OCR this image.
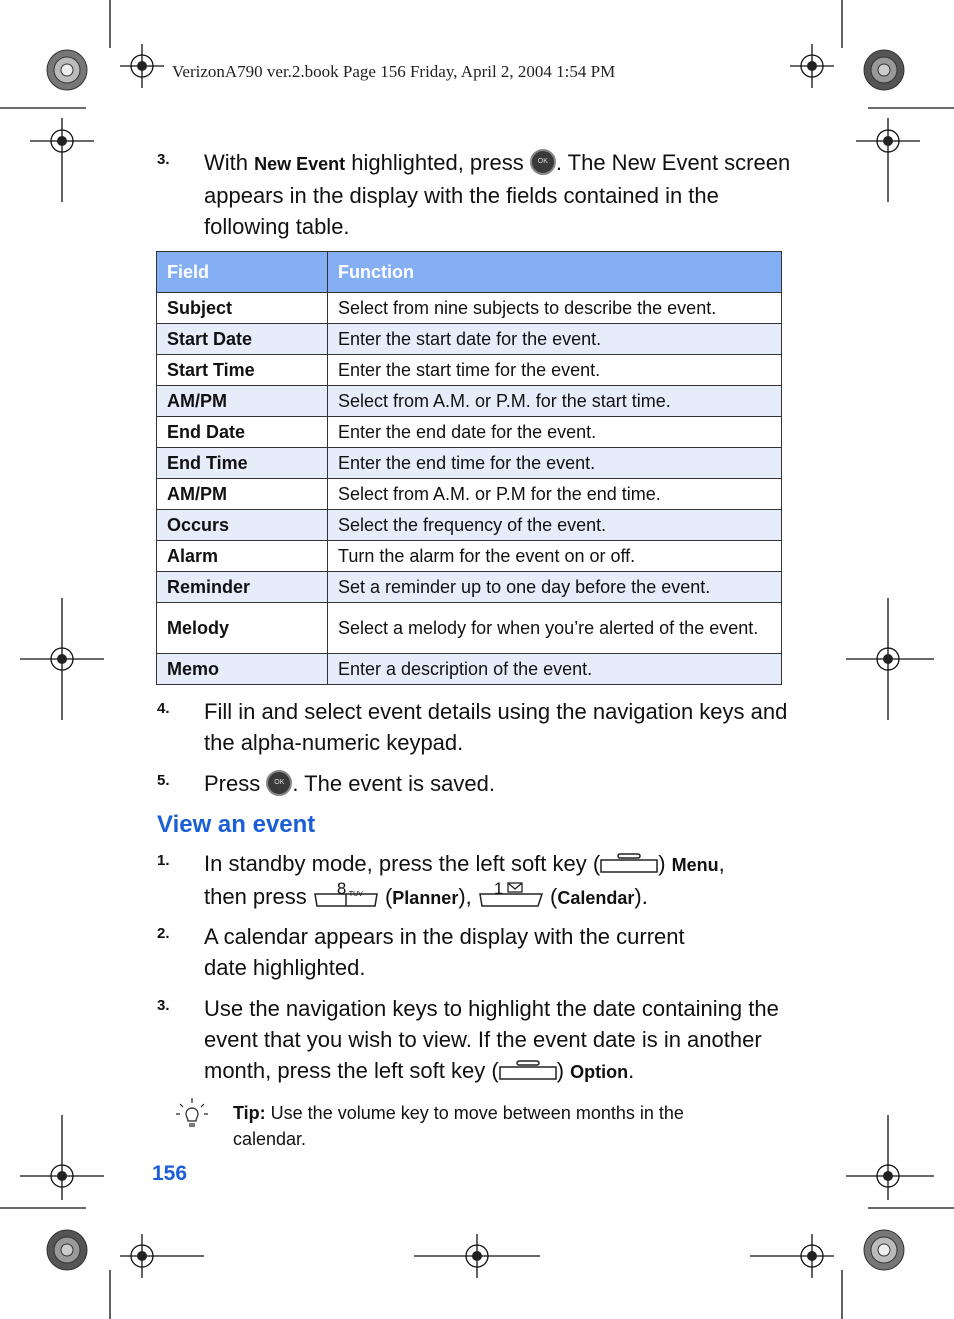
VerizonA790 ver.2.book Page 156 Friday, April 2, 2004 1:54 PM
3. With New Event highlighted, press OK . The New Event screen appears in the display with the fields contained in the following table.
Field	Function
Subject	Select from nine subjects to describe the event.
Start Date	Enter the start date for the event.
Start Time	Enter the start time for the event.
AM/PM	Select from A.M. or P.M. for the start time.
End Date	Enter the end date for the event.
End Time	Enter the end time for the event.
AM/PM	Select from A.M. or P.M for the end time.
Occurs	Select the frequency of the event.
Alarm	Turn the alarm for the event on or off.
Reminder	Set a reminder up to one day before the event.
Melody	Select a melody for when you’re alerted of the event.
Memo	Enter a description of the event.
4. Fill in and select event details using the navigation keys and the alpha-numeric keypad.
5. Press OK . The event is saved.
View an event
1. In standby mode, press the left soft key (	) Menu,
then press 8 TUV (Planner), 1 (Calendar).
2. A calendar appears in the display with the current date highlighted.
3. Use the navigation keys to highlight the date containing the event that you wish to view. If the event date is in another month, press the left soft key (	) Option.
Tip: Use the volume key to move between months in the calendar.
156
